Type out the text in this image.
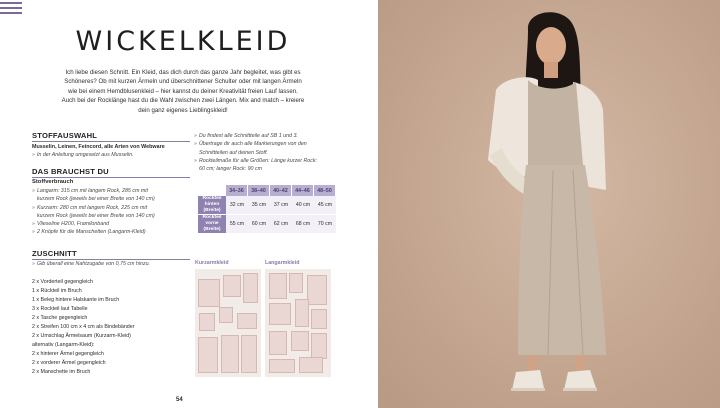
WICKELKLEID
Ich liebe diesen Schnitt. Ein Kleid, das dich durch das ganze Jahr begleitet, was gibt es
Schöneres? Ob mit kurzen Ärmeln und überschnittener Schulter oder mit langen Ärmeln
wie bei einem Hemdblusenkleid – hier kannst du deiner Kreativität freien Lauf lassen.
Auch bei der Rocklänge hast du die Wahl zwischen zwei Längen. Mix and match – kreiere
dein ganz eigenes Lieblingskleid!
STOFFAUSWAHL
Musselin, Leinen, Feincord, alle Arten von Webware
» In der Anleitung umgesetzt aus Musselin.
DAS BRAUCHST DU
Stoffverbrauch
» Langarm: 315 cm mit langem Rock, 285 cm mit
kurzem Rock (jeweils bei einer Breite von 140 cm)
» Kurzarm: 280 cm mit langem Rock, 225 cm mit
kurzem Rock (jeweils bei einer Breite von 140 cm)
» Vlieseline H200, Framilonband
» 2 Knöpfe für die Manschetten (Langarm-Kleid)
» Du findest alle Schnittteile auf SB 1 und 3.
» Übertrage dir auch alle Markierungen von den
Schnittteilen auf deinen Stoff.
» Rockteilmaße für alle Größen: Länge kurzer Rock:
60 cm; langer Rock: 90 cm
	34–36	38–40	40–42	44–46	48–50
Rockteil
hinten
(Breite)	32 cm	35 cm	37 cm	40 cm	45 cm
Rockteil
vorne
(Breite)	55 cm	60 cm	62 cm	68 cm	70 cm
ZUSCHNITT
» Gib überall eine Nahtzugabe von 0,75 cm hinzu.
2 x Vorderteil gegengleich
1 x Rückteil im Bruch
1 x Beleg hintere Halskante im Bruch
3 x Rockteil laut Tabelle
2 x Tasche gegengleich
2 x Streifen 100 cm x 4 cm als Bindebänder
2 x Umschlag Ärmelsaum (Kurzarm-Kleid)
alternativ (Langarm-Kleid):
2 x hinterer Ärmel gegengleich
2 x vorderer Ärmel gegengleich
2 x Manschette im Bruch
Kurzarmkleid	Langarmkleid
54
